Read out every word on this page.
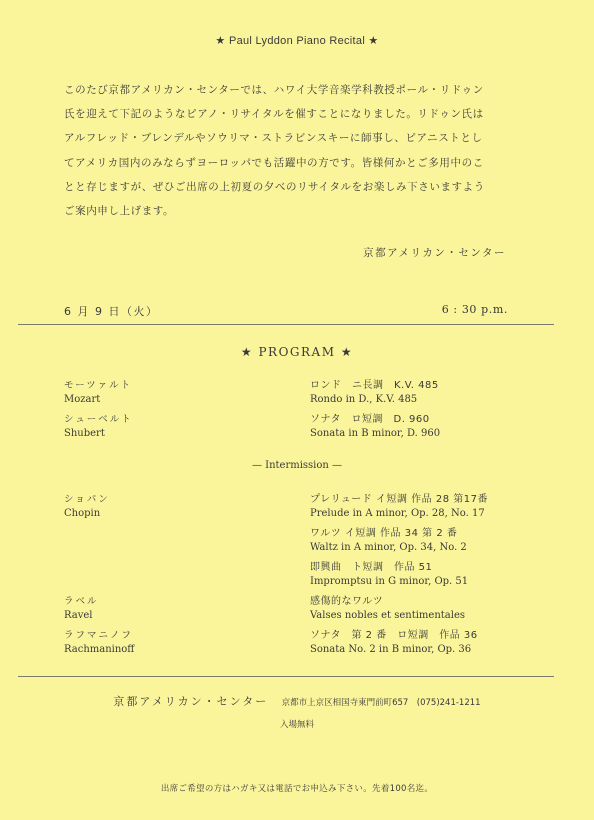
★ Paul Lyddon Piano Recital ★

このたび京都アメリカン・センターでは、ハワイ大学音楽学科教授ポール・リドゥン

氏を迎えて下記のようなピアノ・リサイタルを催すことになりました。リドゥン氏は

アルフレッド・ブレンデルやソウリマ・ストラビンスキーに師事し、ピアニストとし

てアメリカ国内のみならずヨーロッパでも活躍中の方です。皆様何かとご多用中のこ

とと存じますが、ぜひご出席の上初夏の夕べのリサイタルをお楽しみ下さいますよう

ご案内申し上げます。

京都アメリカン・センター
6 月 9 日（火）	6 : 30 p.m.
★ PROGRAM ★
モーツァルト
Mozart
ロンド　ニ長調　K.V. 485
Rondo in D., K.V. 485
シューベルト
Shubert
ソナタ　ロ短調　D. 960
Sonata in B minor, D. 960
— Intermission —
ショパン
Chopin
プレリュード イ短調 作品 28 第17番
Prelude in A minor, Op. 28, No. 17
ワルツ イ短調 作品 34 第 2 番
Waltz in A minor, Op. 34, No. 2
即興曲　ト短調　作品 51
Impromptsu in G minor, Op. 51
ラベル
Ravel
感傷的なワルツ
Valses nobles et sentimentales
ラフマニノフ
Rachmaninoff
ソナタ　第 2 番　ロ短調　作品 36
Sonata No. 2 in B minor, Op. 36
京都アメリカン・センター 京都市上京区相国寺東門前町657　(075)241-1211
入場無料
出席ご希望の方はハガキ又は電話でお申込み下さい。先着100名迄。
